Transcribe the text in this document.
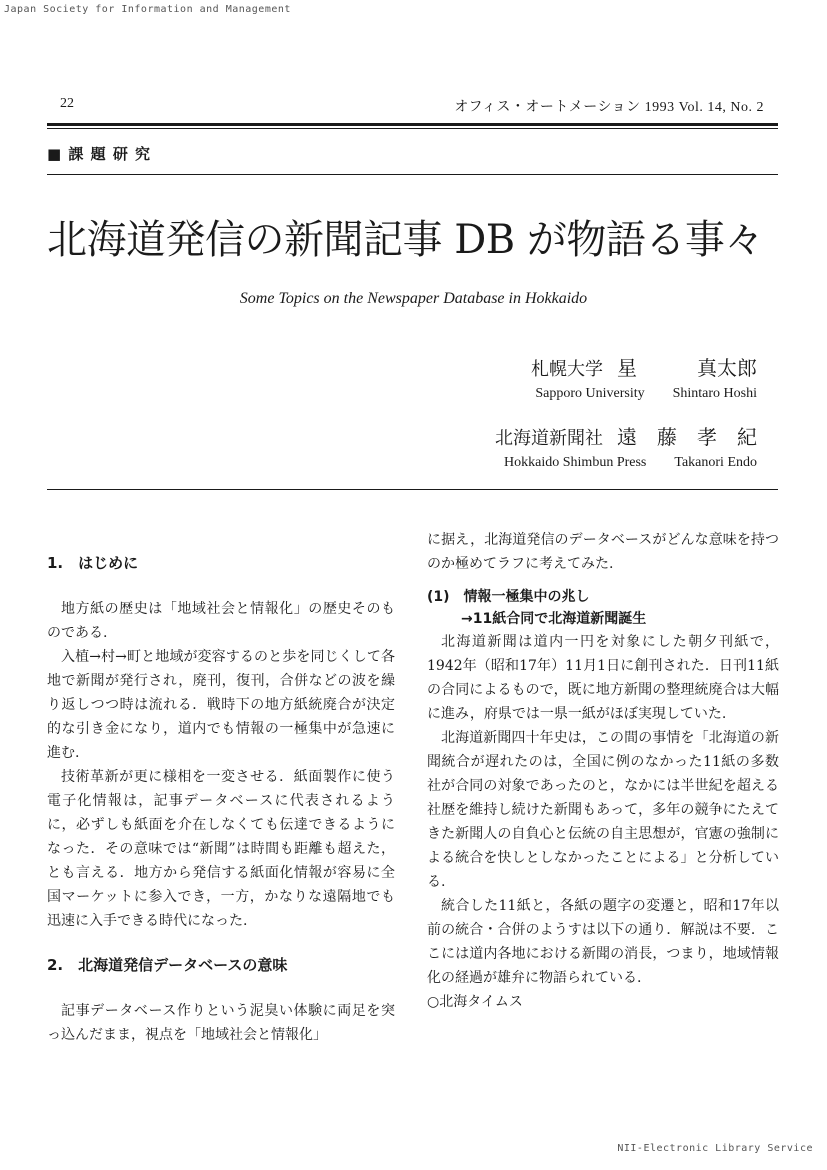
Japan Society for Information and Management
22	オフィス・オートメーション 1993 Vol. 14, No. 2
■ 課 題 研 究
北海道発信の新聞記事 DB が物語る事々
Some Topics on the Newspaper Database in Hokkaido
札幌大学 星　　　真太郎
Sapporo University Shintaro Hoshi
北海道新聞社 遠　藤　孝　紀
Hokkaido Shimbun Press Takanori Endo
1.　はじめに

地方紙の歴史は「地域社会と情報化」の歴史そのものである.

入植→村→町と地域が変容するのと歩を同じくして各地で新聞が発行され，廃刊，復刊，合併などの波を繰り返しつつ時は流れる．戦時下の地方紙統廃合が決定的な引き金になり，道内でも情報の一極集中が急速に進む.

技術革新が更に様相を一変させる．紙面製作に使う電子化情報は，記事データベースに代表されるように，必ずしも紙面を介在しなくても伝達できるようになった．その意味では“新聞”は時間も距離も超えた，とも言える．地方から発信する紙面化情報が容易に全国マーケットに参入でき，一方，かなりな遠隔地でも迅速に入手できる時代になった.

2.　北海道発信データベースの意味

記事データベース作りという泥臭い体験に両足を突っ込んだまま，視点を「地域社会と情報化」

に据え，北海道発信のデータベースがどんな意味を持つのか極めてラフに考えてみた.

(1)　情報一極集中の兆し
→11紙合同で北海道新聞誕生

北海道新聞は道内一円を対象にした朝夕刊紙で，1942年（昭和17年）11月1日に創刊された．日刊11紙の合同によるもので，既に地方新聞の整理統廃合は大幅に進み，府県では一県一紙がほぼ実現していた.

北海道新聞四十年史は，この間の事情を「北海道の新聞統合が遅れたのは，全国に例のなかった11紙の多数社が合同の対象であったのと，なかには半世紀を超える社歴を維持し続けた新聞もあって，多年の競争にたえてきた新聞人の自負心と伝統の自主思想が，官憲の強制による統合を快しとしなかったことによる」と分析している.

統合した11紙と，各紙の題字の変遷と，昭和17年以前の統合・合併のようすは以下の通り．解説は不要．ここには道内各地における新聞の消長，つまり，地域情報化の経過が雄弁に物語られている.

○北海タイムス

NII-Electronic Library Service
